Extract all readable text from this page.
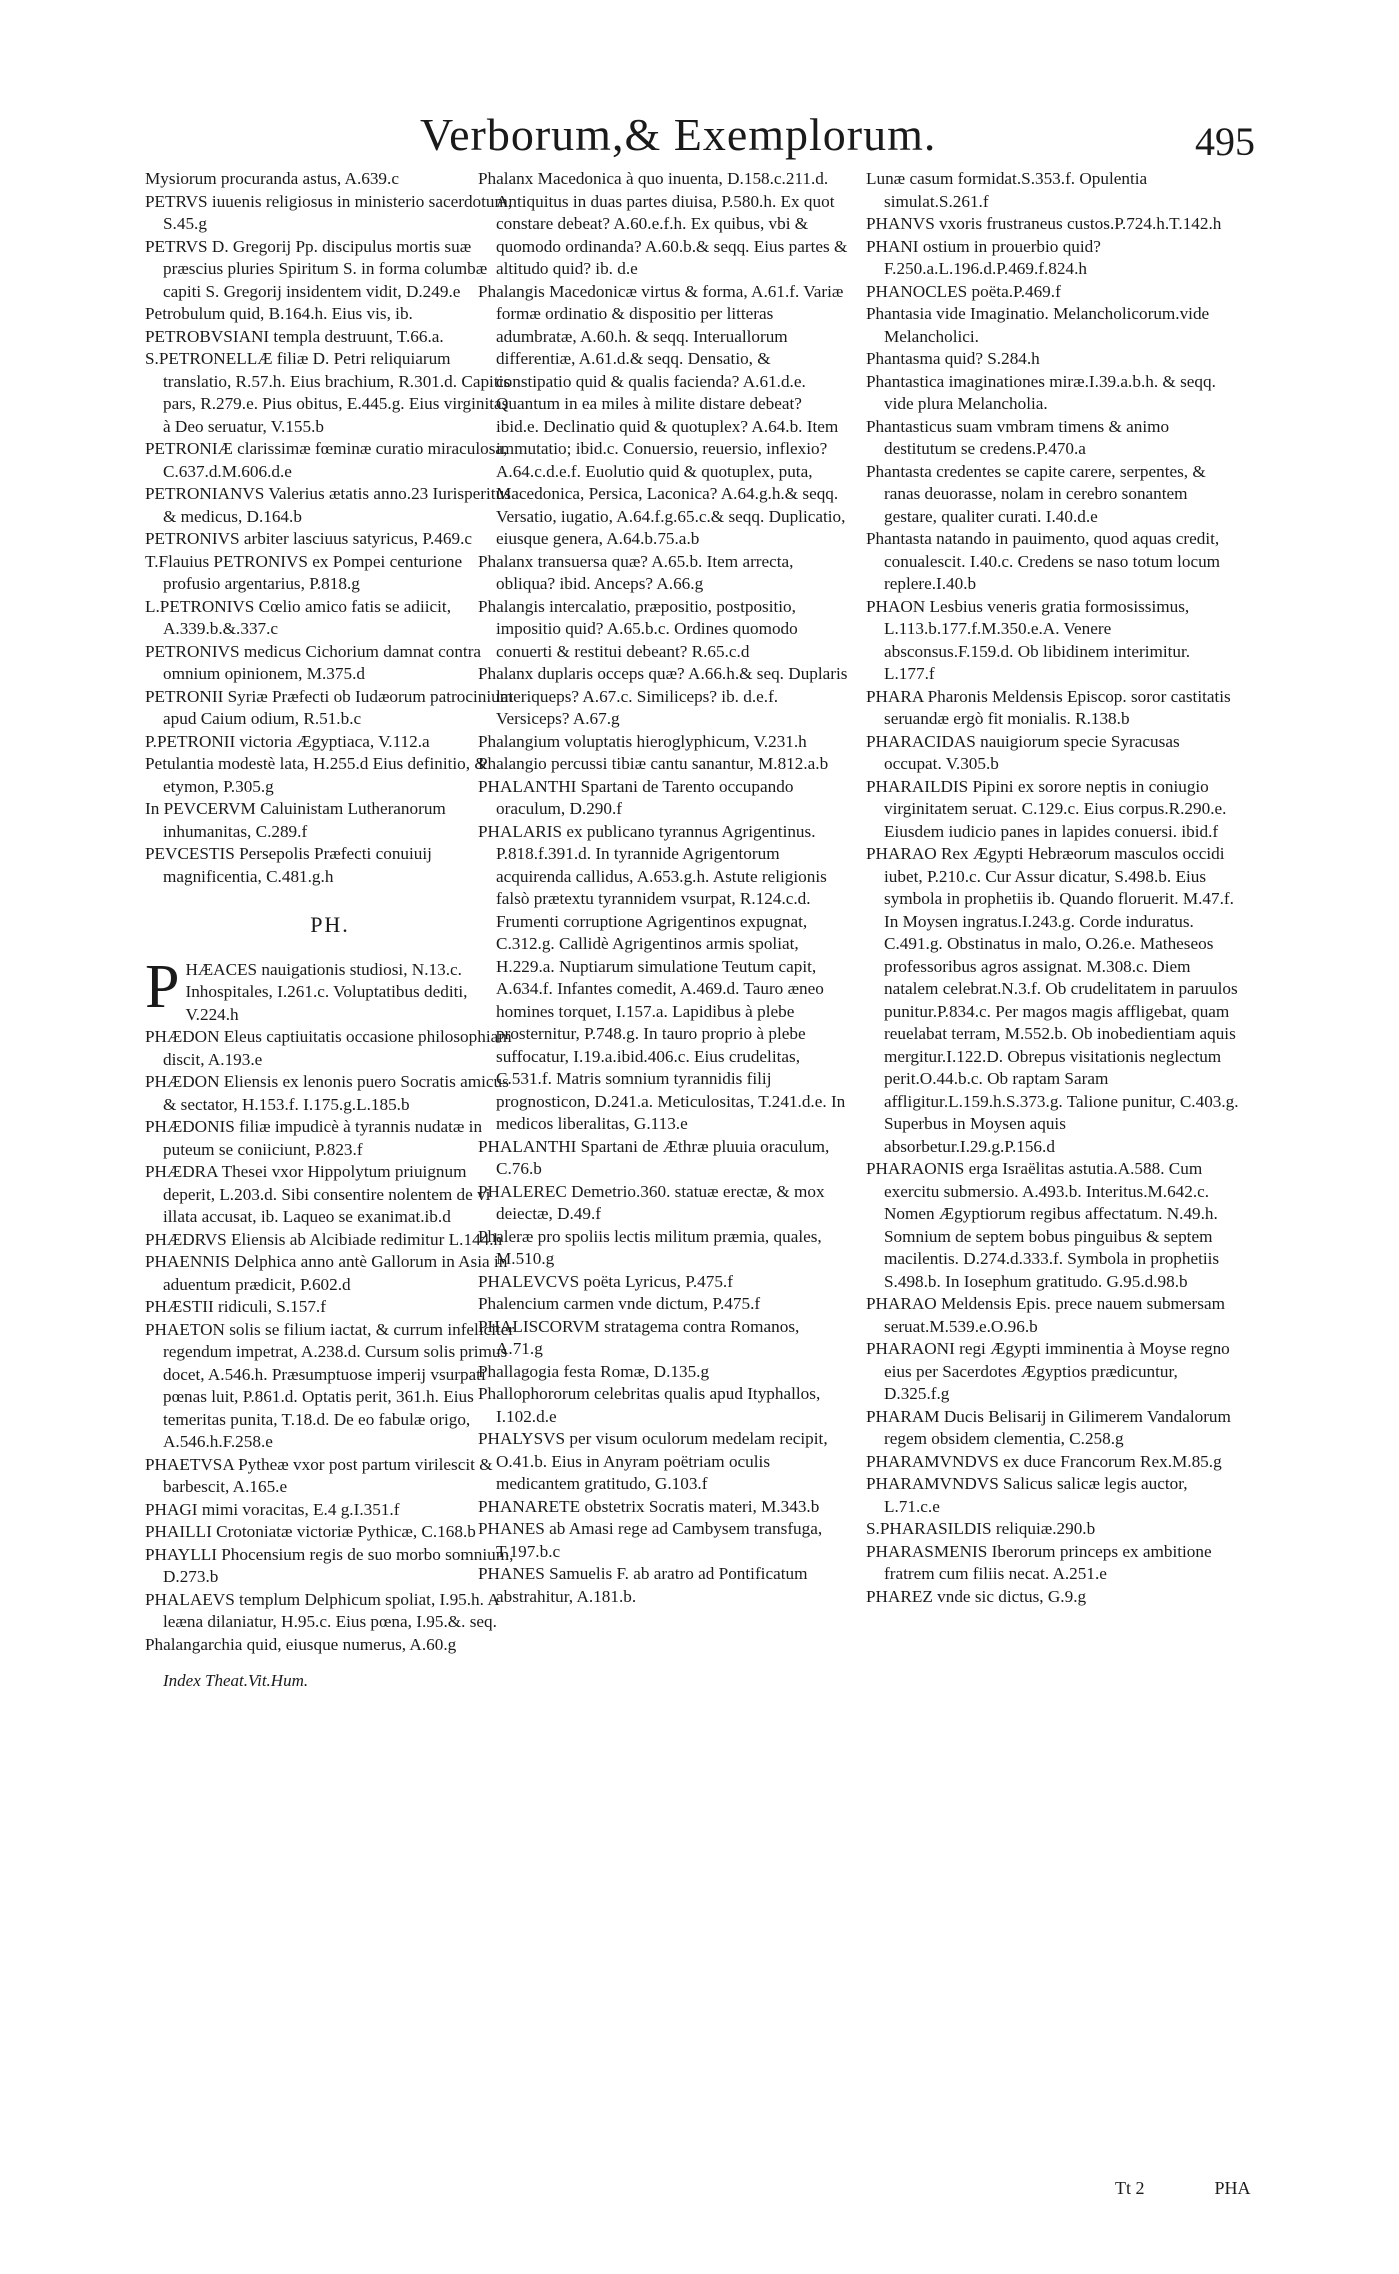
Verborum,& Exemplorum.	495

Mysiorum procuranda astus, A.639.c

PETRVS iuuenis religiosus in ministerio sacerdotum, S.45.g

PETRVS D. Gregorij Pp. discipulus mortis suæ præscius pluries Spiritum S. in forma columbæ capiti S. Gregorij insidentem vidit, D.249.e

Petrobulum quid, B.164.h. Eius vis, ib.

PETROBVSIANI templa destruunt, T.66.a.

S.PETRONELLÆ filiæ D. Petri reliquiarum translatio, R.57.h. Eius brachium, R.301.d. Capitis pars, R.279.e. Pius obitus, E.445.g. Eius virginitas à Deo seruatur, V.155.b

PETRONIÆ clarissimæ fœminæ curatio miraculosa, C.637.d.M.606.d.e

PETRONIANVS Valerius ætatis anno.23 Iurisperitus & medicus, D.164.b

PETRONIVS arbiter lasciuus satyricus, P.469.c

T.Flauius PETRONIVS ex Pompei centurione profusio argentarius, P.818.g

L.PETRONIVS Cœlio amico fatis se adiicit, A.339.b.&.337.c

PETRONIVS medicus Cichorium damnat contra omnium opinionem, M.375.d

PETRONII Syriæ Præfecti ob Iudæorum patrocinium apud Caium odium, R.51.b.c

P.PETRONII victoria Ægyptiaca, V.112.a

Petulantia modestè lata, H.255.d Eius definitio, & etymon, P.305.g

In PEVCERVM Caluinistam Lutheranorum inhumanitas, C.289.f

PEVCESTIS Persepolis Præfecti conuiuij magnificentia, C.481.g.h

PH.

PHÆACES nauigationis studiosi, N.13.c. Inhospitales, I.261.c. Voluptatibus dediti, V.224.h

PHÆDON Eleus captiuitatis occasione philosophiam discit, A.193.e

PHÆDON Eliensis ex lenonis puero Socratis amicus & sectator, H.153.f. I.175.g.L.185.b

PHÆDONIS filiæ impudicè à tyrannis nudatæ in puteum se coniiciunt, P.823.f

PHÆDRA Thesei vxor Hippolytum priuignum deperit, L.203.d. Sibi consentire nolentem de vi illata accusat, ib. Laqueo se exanimat.ib.d

PHÆDRVS Eliensis ab Alcibiade redimitur L.144.h

PHAENNIS Delphica anno antè Gallorum in Asia in aduentum prædicit, P.602.d

PHÆSTII ridiculi, S.157.f

PHAETON solis se filium iactat, & currum infeliciter regendum impetrat, A.238.d. Cursum solis primus docet, A.546.h. Præsumptuose imperij vsurpati pœnas luit, P.861.d. Optatis perit, 361.h. Eius temeritas punita, T.18.d. De eo fabulæ origo, A.546.h.F.258.e

PHAETVSA Pytheæ vxor post partum virilescit & barbescit, A.165.e

PHAGI mimi voracitas, E.4 g.I.351.f

PHAILLI Crotoniatæ victoriæ Pythicæ, C.168.b

PHAYLLI Phocensium regis de suo morbo somnium, D.273.b

PHALAEVS templum Delphicum spoliat, I.95.h. A leæna dilaniatur, H.95.c. Eius pœna, I.95.&. seq.

Phalangarchia quid, eiusque numerus, A.60.g

Index Theat.Vit.Hum.

Phalanx Macedonica à quo inuenta, D.158.c.211.d. Antiquitus in duas partes diuisa, P.580.h. Ex quot constare debeat? A.60.e.f.h. Ex quibus, vbi & quomodo ordinanda? A.60.b.& seqq. Eius partes & altitudo quid? ib. d.e

Phalangis Macedonicæ virtus & forma, A.61.f. Variæ formæ ordinatio & dispositio per litteras adumbratæ, A.60.h. & seqq. Interuallorum differentiæ, A.61.d.& seqq. Densatio, & constipatio quid & qualis facienda? A.61.d.e. Quantum in ea miles à milite distare debeat? ibid.e. Declinatio quid & quotuplex? A.64.b. Item immutatio; ibid.c. Conuersio, reuersio, inflexio? A.64.c.d.e.f. Euolutio quid & quotuplex, puta, Macedonica, Persica, Laconica? A.64.g.h.& seqq. Versatio, iugatio, A.64.f.g.65.c.& seqq. Duplicatio, eiusque genera, A.64.b.75.a.b

Phalanx transuersa quæ? A.65.b. Item arrecta, obliqua? ibid. Anceps? A.66.g

Phalangis intercalatio, præpositio, postpositio, impositio quid? A.65.b.c. Ordines quomodo conuerti & restitui debeant? R.65.c.d

Phalanx duplaris occeps quæ? A.66.h.& seq. Duplaris lateriqueps? A.67.c. Similiceps? ib. d.e.f. Versiceps? A.67.g

Phalangium voluptatis hieroglyphicum, V.231.h

Phalangio percussi tibiæ cantu sanantur, M.812.a.b

PHALANTHI Spartani de Tarento occupando oraculum, D.290.f

PHALARIS ex publicano tyrannus Agrigentinus. P.818.f.391.d. In tyrannide Agrigentorum acquirenda callidus, A.653.g.h. Astute religionis falsò prætextu tyrannidem vsurpat, R.124.c.d. Frumenti corruptione Agrigentinos expugnat, C.312.g. Callidè Agrigentinos armis spoliat, H.229.a. Nuptiarum simulatione Teutum capit, A.634.f. Infantes comedit, A.469.d. Tauro æneo homines torquet, I.157.a. Lapidibus à plebe prosternitur, P.748.g. In tauro proprio à plebe suffocatur, I.19.a.ibid.406.c. Eius crudelitas, C.531.f. Matris somnium tyrannidis filij prognosticon, D.241.a. Meticulositas, T.241.d.e. In medicos liberalitas, G.113.e

PHALANTHI Spartani de Æthræ pluuia oraculum, C.76.b

PHALEREC Demetrio.360. statuæ erectæ, & mox deiectæ, D.49.f

Phaleræ pro spoliis lectis militum præmia, quales, M.510.g

PHALEVCVS poëta Lyricus, P.475.f

Phalencium carmen vnde dictum, P.475.f

PHALISCORVM stratagema contra Romanos, A.71.g

Phallagogia festa Romæ, D.135.g

Phallophororum celebritas qualis apud Ityphallos, I.102.d.e

PHALYSVS per visum oculorum medelam recipit, O.41.b. Eius in Anyram poëtriam oculis medicantem gratitudo, G.103.f

PHANARETE obstetrix Socratis materi, M.343.b

PHANES ab Amasi rege ad Cambysem transfuga, T.197.b.c

PHANES Samuelis F. ab aratro ad Pontificatum abstrahitur, A.181.b.

Lunæ casum formidat.S.353.f. Opulentia simulat.S.261.f

PHANVS vxoris frustraneus custos.P.724.h.T.142.h

PHANI ostium in prouerbio quid? F.250.a.L.196.d.P.469.f.824.h

PHANOCLES poëta.P.469.f

Phantasia vide Imaginatio. Melancholicorum.vide Melancholici.

Phantasma quid? S.284.h

Phantastica imaginationes miræ.I.39.a.b.h. & seqq. vide plura Melancholia.

Phantasticus suam vmbram timens & animo destitutum se credens.P.470.a

Phantasta credentes se capite carere, serpentes, & ranas deuorasse, nolam in cerebro sonantem gestare, qualiter curati. I.40.d.e

Phantasta natando in pauimento, quod aquas credit, conualescit. I.40.c. Credens se naso totum locum replere.I.40.b

PHAON Lesbius veneris gratia formosissimus, L.113.b.177.f.M.350.e.A. Venere absconsus.F.159.d. Ob libidinem interimitur. L.177.f

PHARA Pharonis Meldensis Episcop. soror castitatis seruandæ ergò fit monialis. R.138.b

PHARACIDAS nauigiorum specie Syracusas occupat. V.305.b

PHARAILDIS Pipini ex sorore neptis in coniugio virginitatem seruat. C.129.c. Eius corpus.R.290.e. Eiusdem iudicio panes in lapides conuersi. ibid.f

PHARAO Rex Ægypti Hebræorum masculos occidi iubet, P.210.c. Cur Assur dicatur, S.498.b. Eius symbola in prophetiis ib. Quando floruerit. M.47.f. In Moysen ingratus.I.243.g. Corde induratus. C.491.g. Obstinatus in malo, O.26.e. Matheseos professoribus agros assignat. M.308.c. Diem natalem celebrat.N.3.f. Ob crudelitatem in paruulos punitur.P.834.c. Per magos magis affligebat, quam reuelabat terram, M.552.b. Ob inobedientiam aquis mergitur.I.122.D. Obrepus visitationis neglectum perit.O.44.b.c. Ob raptam Saram affligitur.L.159.h.S.373.g. Talione punitur, C.403.g. Superbus in Moysen aquis absorbetur.I.29.g.P.156.d

PHARAONIS erga Israëlitas astutia.A.588. Cum exercitu submersio. A.493.b. Interitus.M.642.c. Nomen Ægyptiorum regibus affectatum. N.49.h. Somnium de septem bobus pinguibus & septem macilentis. D.274.d.333.f. Symbola in prophetiis S.498.b. In Iosephum gratitudo. G.95.d.98.b

PHARAO Meldensis Epis. prece nauem submersam seruat.M.539.e.O.96.b

PHARAONI regi Ægypti imminentia à Moyse regno eius per Sacerdotes Ægyptios prædicuntur, D.325.f.g

PHARAM Ducis Belisarij in Gilimerem Vandalorum regem obsidem clementia, C.258.g

PHARAMVNDVS ex duce Francorum Rex.M.85.g

PHARAMVNDVS Salicus salicæ legis auctor, L.71.c.e

S.PHARASILDIS reliquiæ.290.b

PHARASMENIS Iberorum princeps ex ambitione fratrem cum filiis necat. A.251.e

PHAREZ vnde sic dictus, G.9.g

Tt 2	PHA
